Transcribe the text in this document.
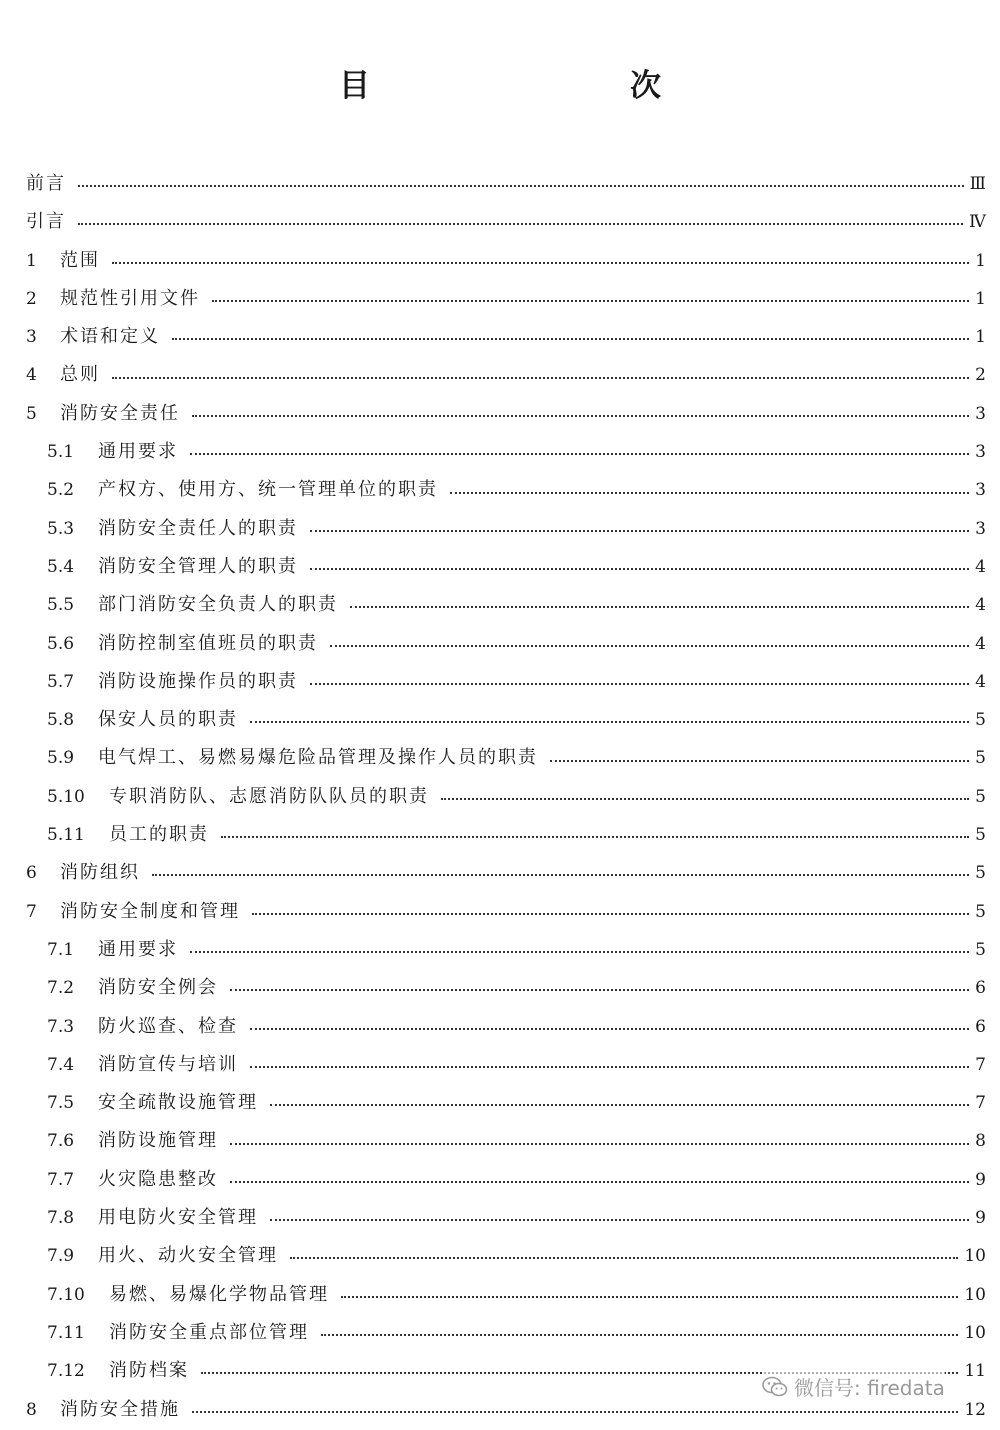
目　　次
前言	Ⅲ
引言	Ⅳ
1	范围	1
2	规范性引用文件	1
3	术语和定义	1
4	总则	2
5	消防安全责任	3
5.1	通用要求	3
5.2	产权方、使用方、统一管理单位的职责	3
5.3	消防安全责任人的职责	3
5.4	消防安全管理人的职责	4
5.5	部门消防安全负责人的职责	4
5.6	消防控制室值班员的职责	4
5.7	消防设施操作员的职责	4
5.8	保安人员的职责	5
5.9	电气焊工、易燃易爆危险品管理及操作人员的职责	5
5.10	专职消防队、志愿消防队队员的职责	5
5.11	员工的职责	5
6	消防组织	5
7	消防安全制度和管理	5
7.1	通用要求	5
7.2	消防安全例会	6
7.3	防火巡查、检查	6
7.4	消防宣传与培训	7
7.5	安全疏散设施管理	7
7.6	消防设施管理	8
7.7	火灾隐患整改	9
7.8	用电防火安全管理	9
7.9	用火、动火安全管理	10
7.10	易燃、易爆化学物品管理	10
7.11	消防安全重点部位管理	10
7.12	消防档案	11
8	消防安全措施	12
微信号: firedata
